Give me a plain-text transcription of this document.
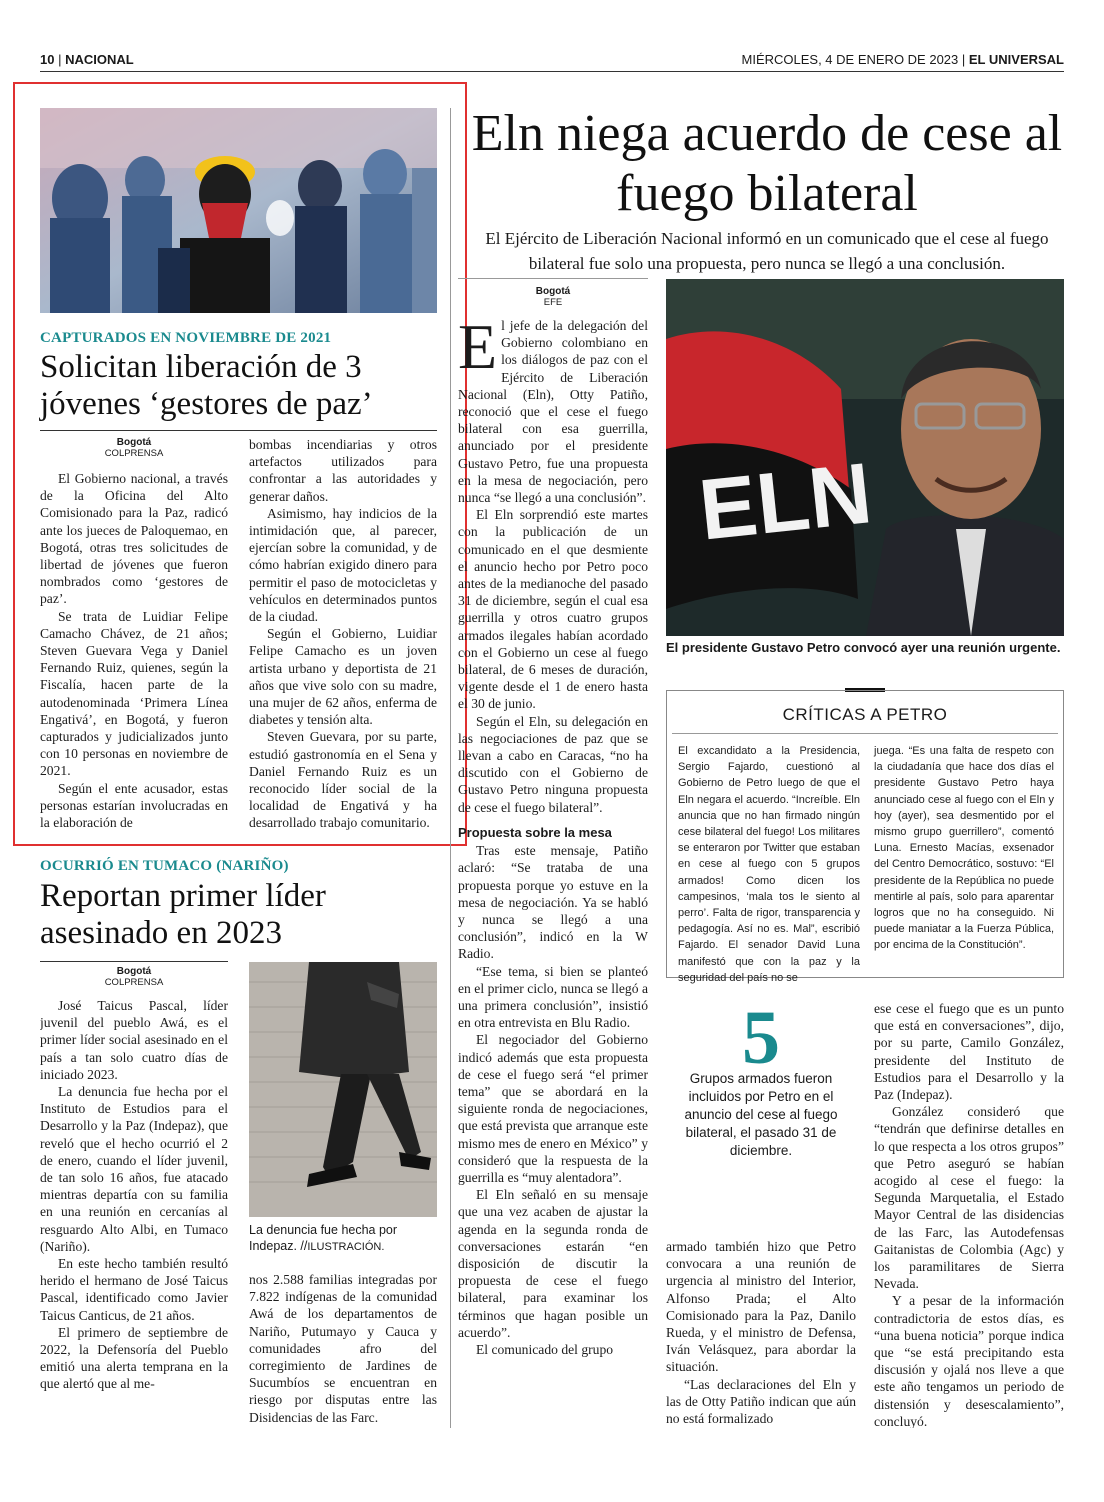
10 | NACIONAL	MIÉRCOLES, 4 DE ENERO DE 2023 | EL UNIVERSAL
CAPTURADOS EN NOVIEMBRE DE 2021
Solicitan liberación de 3 jóvenes ‘gestores de paz’
Bogotá
COLPRENSA

El Gobierno nacional, a través de la Oficina del Alto Comisionado para la Paz, radicó ante los jueces de Paloquemao, en Bogotá, otras tres solicitudes de libertad de jóvenes que fueron nombrados como ‘gestores de paz’.

Se trata de Luidiar Felipe Camacho Chávez, de 21 años; Steven Guevara Vega y Daniel Fernando Ruiz, quienes, según la Fiscalía, hacen parte de la autodenominada ‘Primera Línea Engativá’, en Bogotá, y fueron capturados y judicializados junto con 10 personas en noviembre de 2021.

Según el ente acusador, estas personas estarían involucradas en la elaboración de

bombas incendiarias y otros artefactos utilizados para confrontar a las autoridades y generar daños.

Asimismo, hay indicios de la intimidación que, al parecer, ejercían sobre la comunidad, y de cómo habrían exigido dinero para permitir el paso de motocicletas y vehículos en determinados puntos de la ciudad.

Según el Gobierno, Luidiar Felipe Camacho es un joven artista urbano y deportista de 21 años que vive solo con su madre, una mujer de 62 años, enferma de diabetes y tensión alta.

Steven Guevara, por su parte, estudió gastronomía en el Sena y Daniel Fernando Ruiz es un reconocido líder social de la localidad de Engativá y ha desarrollado trabajo comunitario.

OCURRIÓ EN TUMACO (NARIÑO)
Reportan primer líder asesinado en 2023
Bogotá
COLPRENSA
La denuncia fue hecha por Indepaz. //ILUSTRACIÓN.

José Taicus Pascal, líder juvenil del pueblo Awá, es el primer líder social asesinado en el país a tan solo cuatro días de iniciado 2023.

La denuncia fue hecha por el Instituto de Estudios para el Desarrollo y la Paz (Indepaz), que reveló que el hecho ocurrió el 2 de enero, cuando el líder juvenil, de tan solo 16 años, fue atacado mientras departía con su familia en una reunión en cercanías al resguardo Alto Albi, en Tumaco (Nariño).

En este hecho también resultó herido el hermano de José Taicus Pascal, identificado como Javier Taicus Canticus, de 21 años.

El primero de septiembre de 2022, la Defensoría del Pueblo emitió una alerta temprana en la que alertó que al me-

nos 2.588 familias integradas por 7.822 indígenas de la comunidad Awá de los departamentos de Nariño, Putumayo y Cauca y comunidades afro del corregimiento de Jardines de Sucumbíos se encuentran en riesgo por disputas entre las Disidencias de las Farc.

Eln niega acuerdo de cese al fuego bilateral
El Ejército de Liberación Nacional informó en un comunicado que el cese al fuego bilateral fue solo una propuesta, pero nunca se llegó a una conclusión.
Bogotá
EFE

El jefe de la delegación del Gobierno colombiano en los diálogos de paz con el Ejército de Liberación Nacional (Eln), Otty Patiño, reconoció que el cese el fuego bilateral con esa guerrilla, anunciado por el presidente Gustavo Petro, fue una propuesta en la mesa de negociación, pero nunca “se llegó a una conclusión”.

El Eln sorprendió este martes con la publicación de un comunicado en el que desmiente el anuncio hecho por Petro poco antes de la medianoche del pasado 31 de diciembre, según el cual esa guerrilla y otros cuatro grupos armados ilegales habían acordado con el Gobierno un cese al fuego bilateral, de 6 meses de duración, vigente desde el 1 de enero hasta el 30 de junio.

Según el Eln, su delegación en las negociaciones de paz que se llevan a cabo en Caracas, “no ha discutido con el Gobierno de Gustavo Petro ninguna propuesta de cese el fuego bilateral”.

Propuesta sobre la mesa

Tras este mensaje, Patiño aclaró: “Se trataba de una propuesta porque yo estuve en la mesa de negociación. Ya se habló y nunca se llegó a una conclusión”, indicó en la W Radio.

“Ese tema, si bien se planteó en el primer ciclo, nunca se llegó a una primera conclusión”, insistió en otra entrevista en Blu Radio.

El negociador del Gobierno indicó además que esta propuesta de cese el fuego será “el primer tema” que se abordará en la siguiente ronda de negociaciones, que está prevista que arranque este mismo mes de enero en México” y consideró que la respuesta de la guerrilla es “muy alentadora”.

El Eln señaló en su mensaje que una vez acaben de ajustar la agenda en la segunda ronda de conversaciones estarán “en disposición de discutir la propuesta de cese el fuego bilateral, para examinar los términos que hagan posible un acuerdo”.

El comunicado del grupo

ELN
El presidente Gustavo Petro convocó ayer una reunión urgente.
CRÍTICAS A PETRO
El excandidato a la Presidencia, Sergio Fajardo, cuestionó al Gobierno de Petro luego de que el Eln negara el acuerdo. “Increíble. Eln anuncia que no han firmado ningún cese bilateral del fuego! Los militares se enteraron por Twitter que estaban en cese al fuego con 5 grupos armados! Como dicen los campesinos, ‘mala tos le siento al perro’. Falta de rigor, transparencia y pedagogía. Así no es. Mal”, escribió Fajardo. El senador David Luna manifestó que con la paz y la seguridad del país no se
juega. “Es una falta de respeto con la ciudadanía que hace dos días el presidente Gustavo Petro haya anunciado cese al fuego con el Eln y hoy (ayer), sea desmentido por el mismo grupo guerrillero”, comentó Luna. Ernesto Macías, exsenador del Centro Democrático, sostuvo: “El presidente de la República no puede mentirle al país, solo para aparentar logros que no ha conseguido. Ni puede maniatar a la Fuerza Pública, por encima de la Constitución”.
5
Grupos armados fueron incluidos por Petro en el anuncio del cese al fuego bilateral, el pasado 31 de diciembre.

armado también hizo que Petro convocara a una reunión de urgencia al ministro del Interior, Alfonso Prada; el Alto Comisionado para la Paz, Danilo Rueda, y el ministro de Defensa, Iván Velásquez, para abordar la situación.

“Las declaraciones del Eln y las de Otty Patiño indican que aún no está formalizado

ese cese el fuego que es un punto que está en conversaciones”, dijo, por su parte, Camilo González, presidente del Instituto de Estudios para el Desarrollo y la Paz (Indepaz).

González consideró que “tendrán que definirse detalles en lo que respecta a los otros grupos” que Petro aseguró se habían acogido al cese el fuego: la Segunda Marquetalia, el Estado Mayor Central de las disidencias de las Farc, las Autodefensas Gaitanistas de Colombia (Agc) y los paramilitares de Sierra Nevada.

Y a pesar de la información contradictoria de estos días, es “una buena noticia” porque indica que “se está precipitando esta discusión y ojalá nos lleve a que este año tengamos un periodo de distensión y desescalamiento”, concluyó.
